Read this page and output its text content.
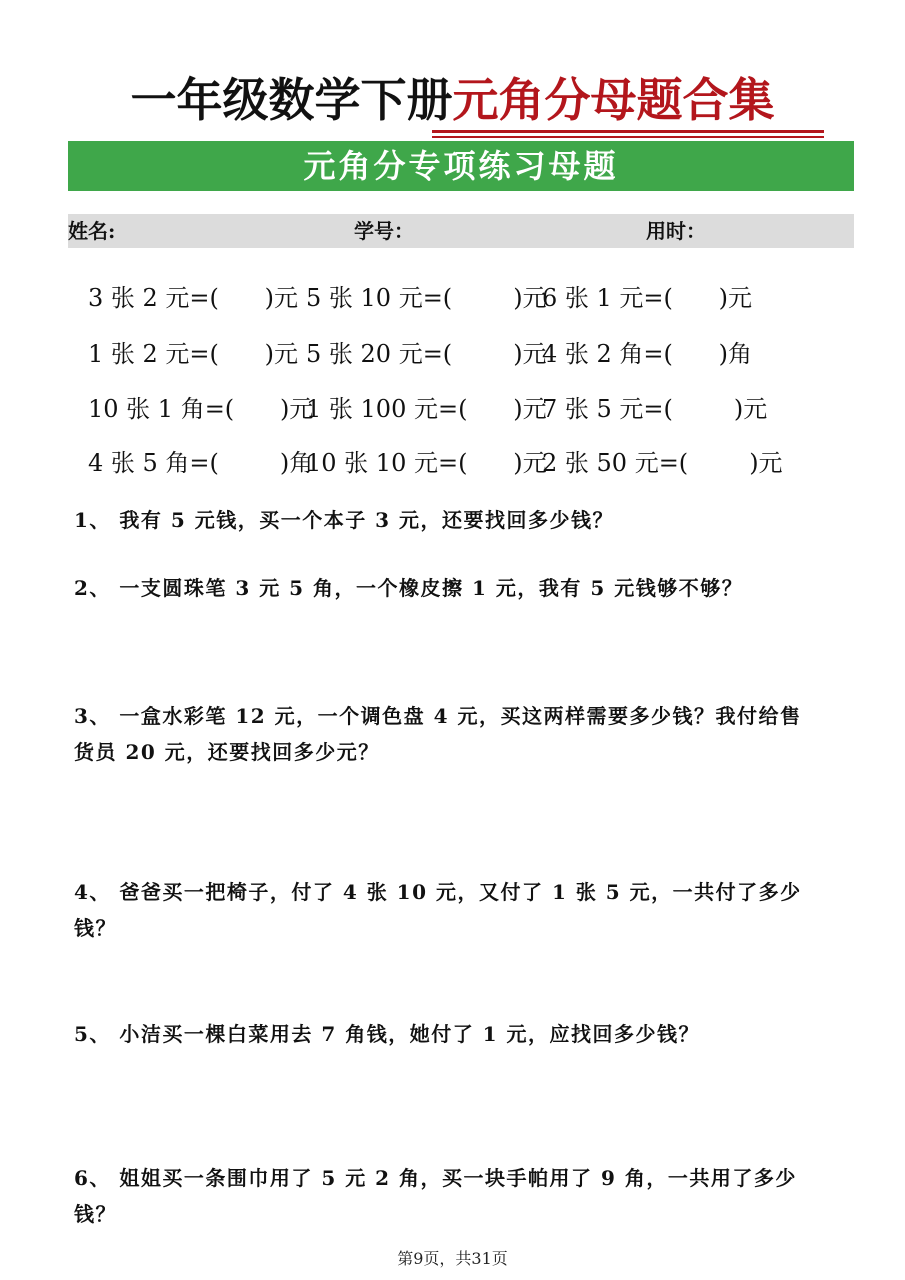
一年级数学下册元角分母题合集
元角分专项练习母题
姓名:	学号：	用时：
3 张 2 元=(      )元 5 张 10 元=(        )元
6 张 1 元=(      )元
1 张 2 元=(      )元 5 张 20 元=(        )元
4 张 2 角=(      )角
10 张 1 角=(      )元
1 张 100 元=(      )元
7 张 5 元=(        )元
4 张 5 角=(        )角
10 张 10 元=(      )元
2 张 50 元=(        )元
1、 我有 5 元钱，买一个本子 3 元，还要找回多少钱？
2、 一支圆珠笔 3 元 5 角，一个橡皮擦 1 元，我有 5 元钱够不够？
3、 一盒水彩笔 12 元，一个调色盘 4 元，买这两样需要多少钱？我付给售货员 20 元，还要找回多少元？
4、 爸爸买一把椅子，付了 4 张 10 元，又付了 1 张 5 元，一共付了多少钱？
5、 小洁买一棵白菜用去 7 角钱，她付了 1 元，应找回多少钱？
6、 姐姐买一条围巾用了 5 元 2 角，买一块手帕用了 9 角，一共用了多少钱？
第9页，共31页
